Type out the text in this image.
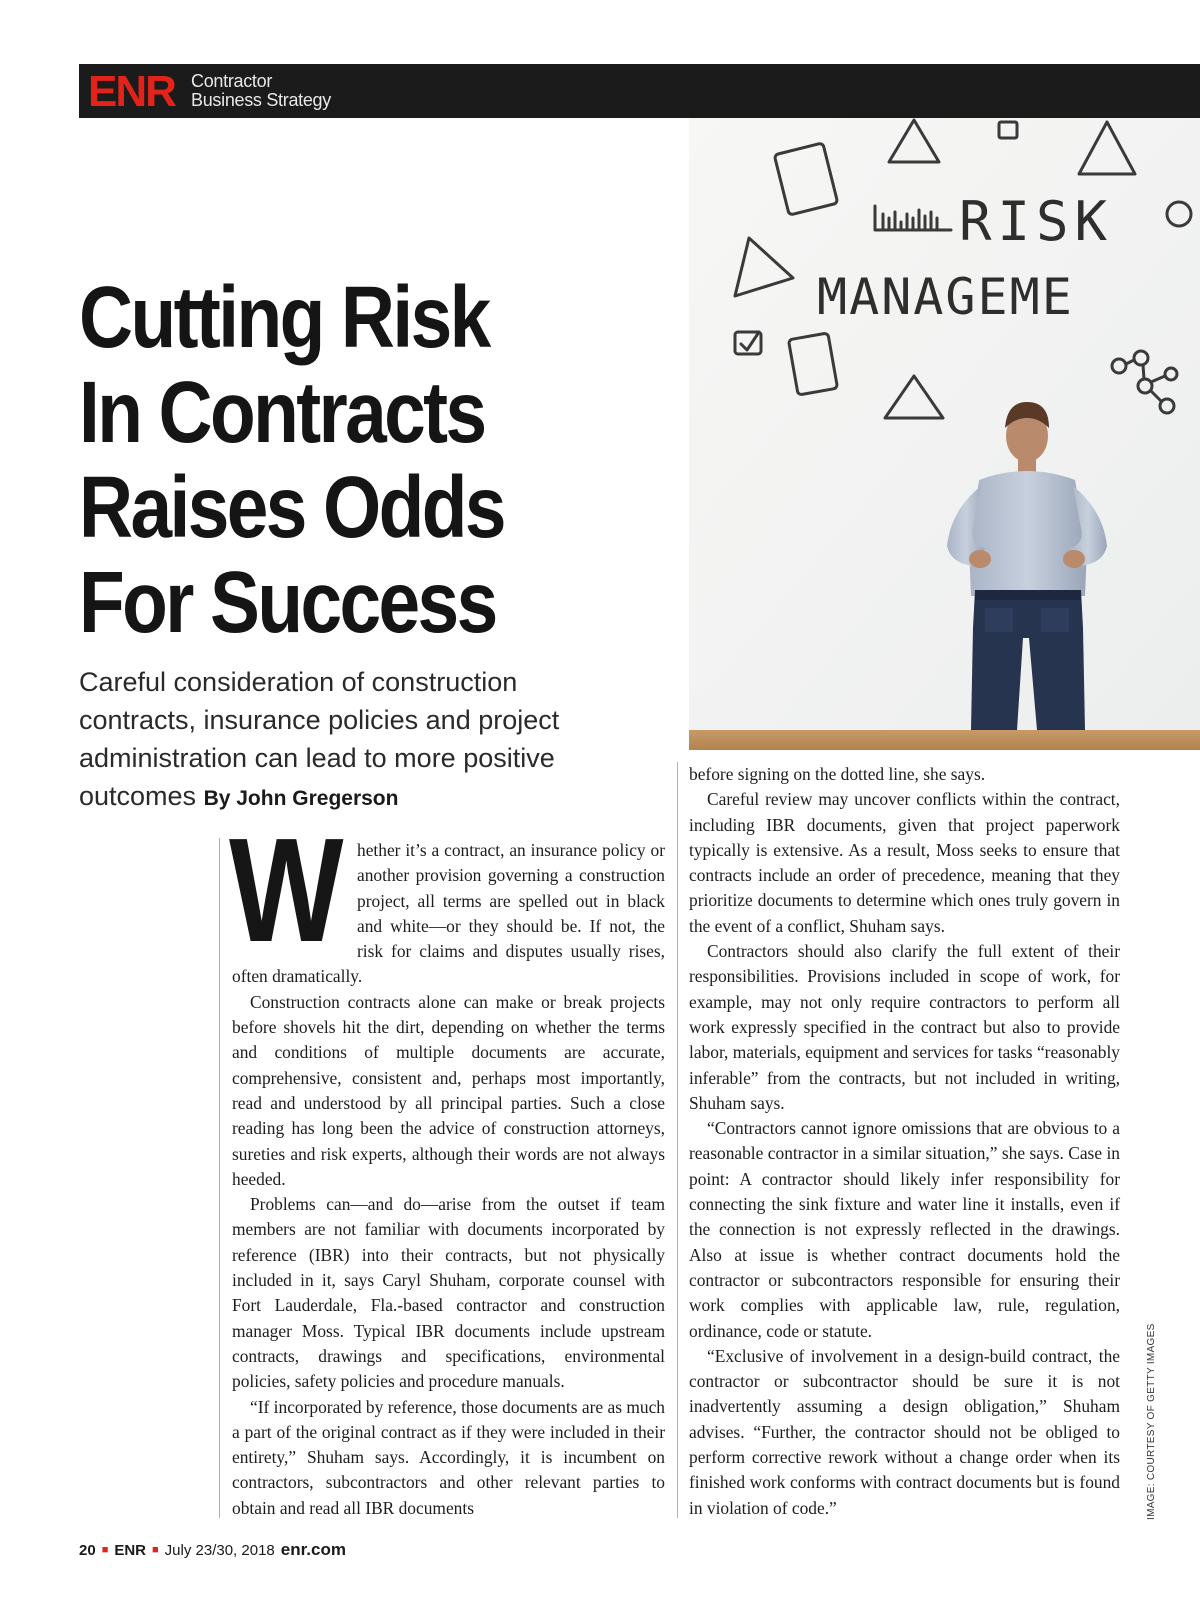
ENR Contractor
Business Strategy
Cutting Risk
In Contracts
Raises Odds
For Success
Careful consideration of construction contracts, insurance policies and project administration can lead to more positive outcomes By John Gregerson
RISK
MANAGEME
W hether it’s a contract, an insurance policy or another provision governing a construction project, all terms are spelled out in black and white—or they should be. If not, the risk for claims and disputes usually rises, often dramatically.

Construction contracts alone can make or break projects before shovels hit the dirt, depending on whether the terms and conditions of multiple documents are accurate, comprehensive, consistent and, perhaps most importantly, read and understood by all principal parties. Such a close reading has long been the advice of construction attorneys, sureties and risk experts, although their words are not always heeded.

Problems can—and do—arise from the outset if team members are not familiar with documents incorporated by reference (IBR) into their contracts, but not physically included in it, says Caryl Shuham, corporate counsel with Fort Lauderdale, Fla.-based contractor and construction manager Moss. Typical IBR documents include upstream contracts, drawings and specifications, environmental policies, safety policies and procedure manuals.

“If incorporated by reference, those documents are as much a part of the original contract as if they were included in their entirety,” Shuham says. Accordingly, it is incumbent on contractors, subcontractors and other relevant parties to obtain and read all IBR documents

before signing on the dotted line, she says.

Careful review may uncover conflicts within the contract, including IBR documents, given that project paperwork typically is extensive. As a result, Moss seeks to ensure that contracts include an order of precedence, meaning that they prioritize documents to determine which ones truly govern in the event of a conflict, Shuham says.

Contractors should also clarify the full extent of their responsibilities. Provisions included in scope of work, for example, may not only require contractors to perform all work expressly specified in the contract but also to provide labor, materials, equipment and services for tasks “reasonably inferable” from the contracts, but not included in writing, Shuham says.

“Contractors cannot ignore omissions that are obvious to a reasonable contractor in a similar situation,” she says. Case in point: A contractor should likely infer responsibility for connecting the sink fixture and water line it installs, even if the connection is not expressly reflected in the drawings. Also at issue is whether contract documents hold the contractor or subcontractors responsible for ensuring their work complies with applicable law, rule, regulation, ordinance, code or statute.

“Exclusive of involvement in a design-build contract, the contractor or subcontractor should be sure it is not inadvertently assuming a design obligation,” Shuham advises. “Further, the contractor should not be obliged to perform corrective rework without a change order when its finished work conforms with contract documents but is found in violation of code.”	IMAGE: COURTESY OF GETTY IMAGES
20 ■ ENR ■ July 23/30, 2018 enr.com
